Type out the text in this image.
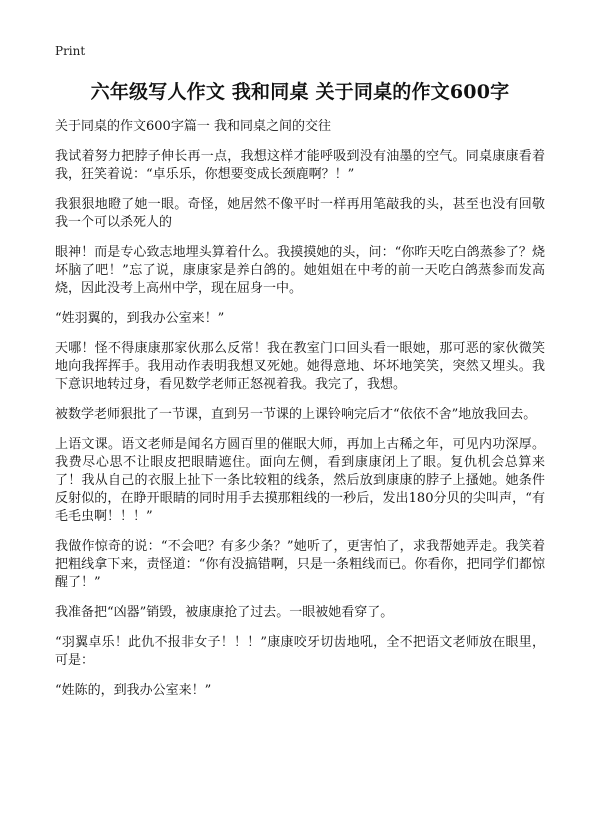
Print
六年级写人作文 我和同桌 关于同桌的作文600字

关于同桌的作文600字篇一 我和同桌之间的交往

我试着努力把脖子伸长再一点，我想这样才能呼吸到没有油墨的空气。同桌康康看着我，狂笑着说：“卓乐乐，你想要变成长颈鹿啊？！”

我狠狠地瞪了她一眼。奇怪，她居然不像平时一样再用笔敲我的头，甚至也没有回敬我一个可以杀死人的

眼神！而是专心致志地埋头算着什么。我摸摸她的头，问：“你昨天吃白鸽蒸参了？烧坏脑了吧！”忘了说，康康家是养白鸽的。她姐姐在中考的前一天吃白鸽蒸参而发高烧，因此没考上高州中学，现在屈身一中。

“姓羽翼的，到我办公室来！”

天哪！怪不得康康那家伙那么反常！我在教室门口回头看一眼她，那可恶的家伙微笑地向我挥挥手。我用动作表明我想叉死她。她得意地、坏坏地笑笑，突然又埋头。我下意识地转过身，看见数学老师正怒视着我。我完了，我想。

被数学老师狠批了一节课，直到另一节课的上课铃响完后才“依依不舍”地放我回去。

上语文课。语文老师是闻名方圆百里的催眠大师，再加上古稀之年，可见内功深厚。我费尽心思不让眼皮把眼睛遮住。面向左侧，看到康康闭上了眼。复仇机会总算来了！我从自己的衣服上扯下一条比较粗的线条，然后放到康康的脖子上搔她。她条件反射似的，在睁开眼睛的同时用手去摸那粗线的一秒后，发出180分贝的尖叫声，“有毛毛虫啊！！！”

我做作惊奇的说：“不会吧？有多少条？”她听了，更害怕了，求我帮她弄走。我笑着把粗线拿下来，责怪道：“你有没搞错啊，只是一条粗线而已。你看你，把同学们都惊醒了！”

我准备把“凶器”销毁，被康康抢了过去。一眼被她看穿了。

“羽翼卓乐！此仇不报非女子！！！”康康咬牙切齿地吼，全不把语文老师放在眼里，可是：

“姓陈的，到我办公室来！”
